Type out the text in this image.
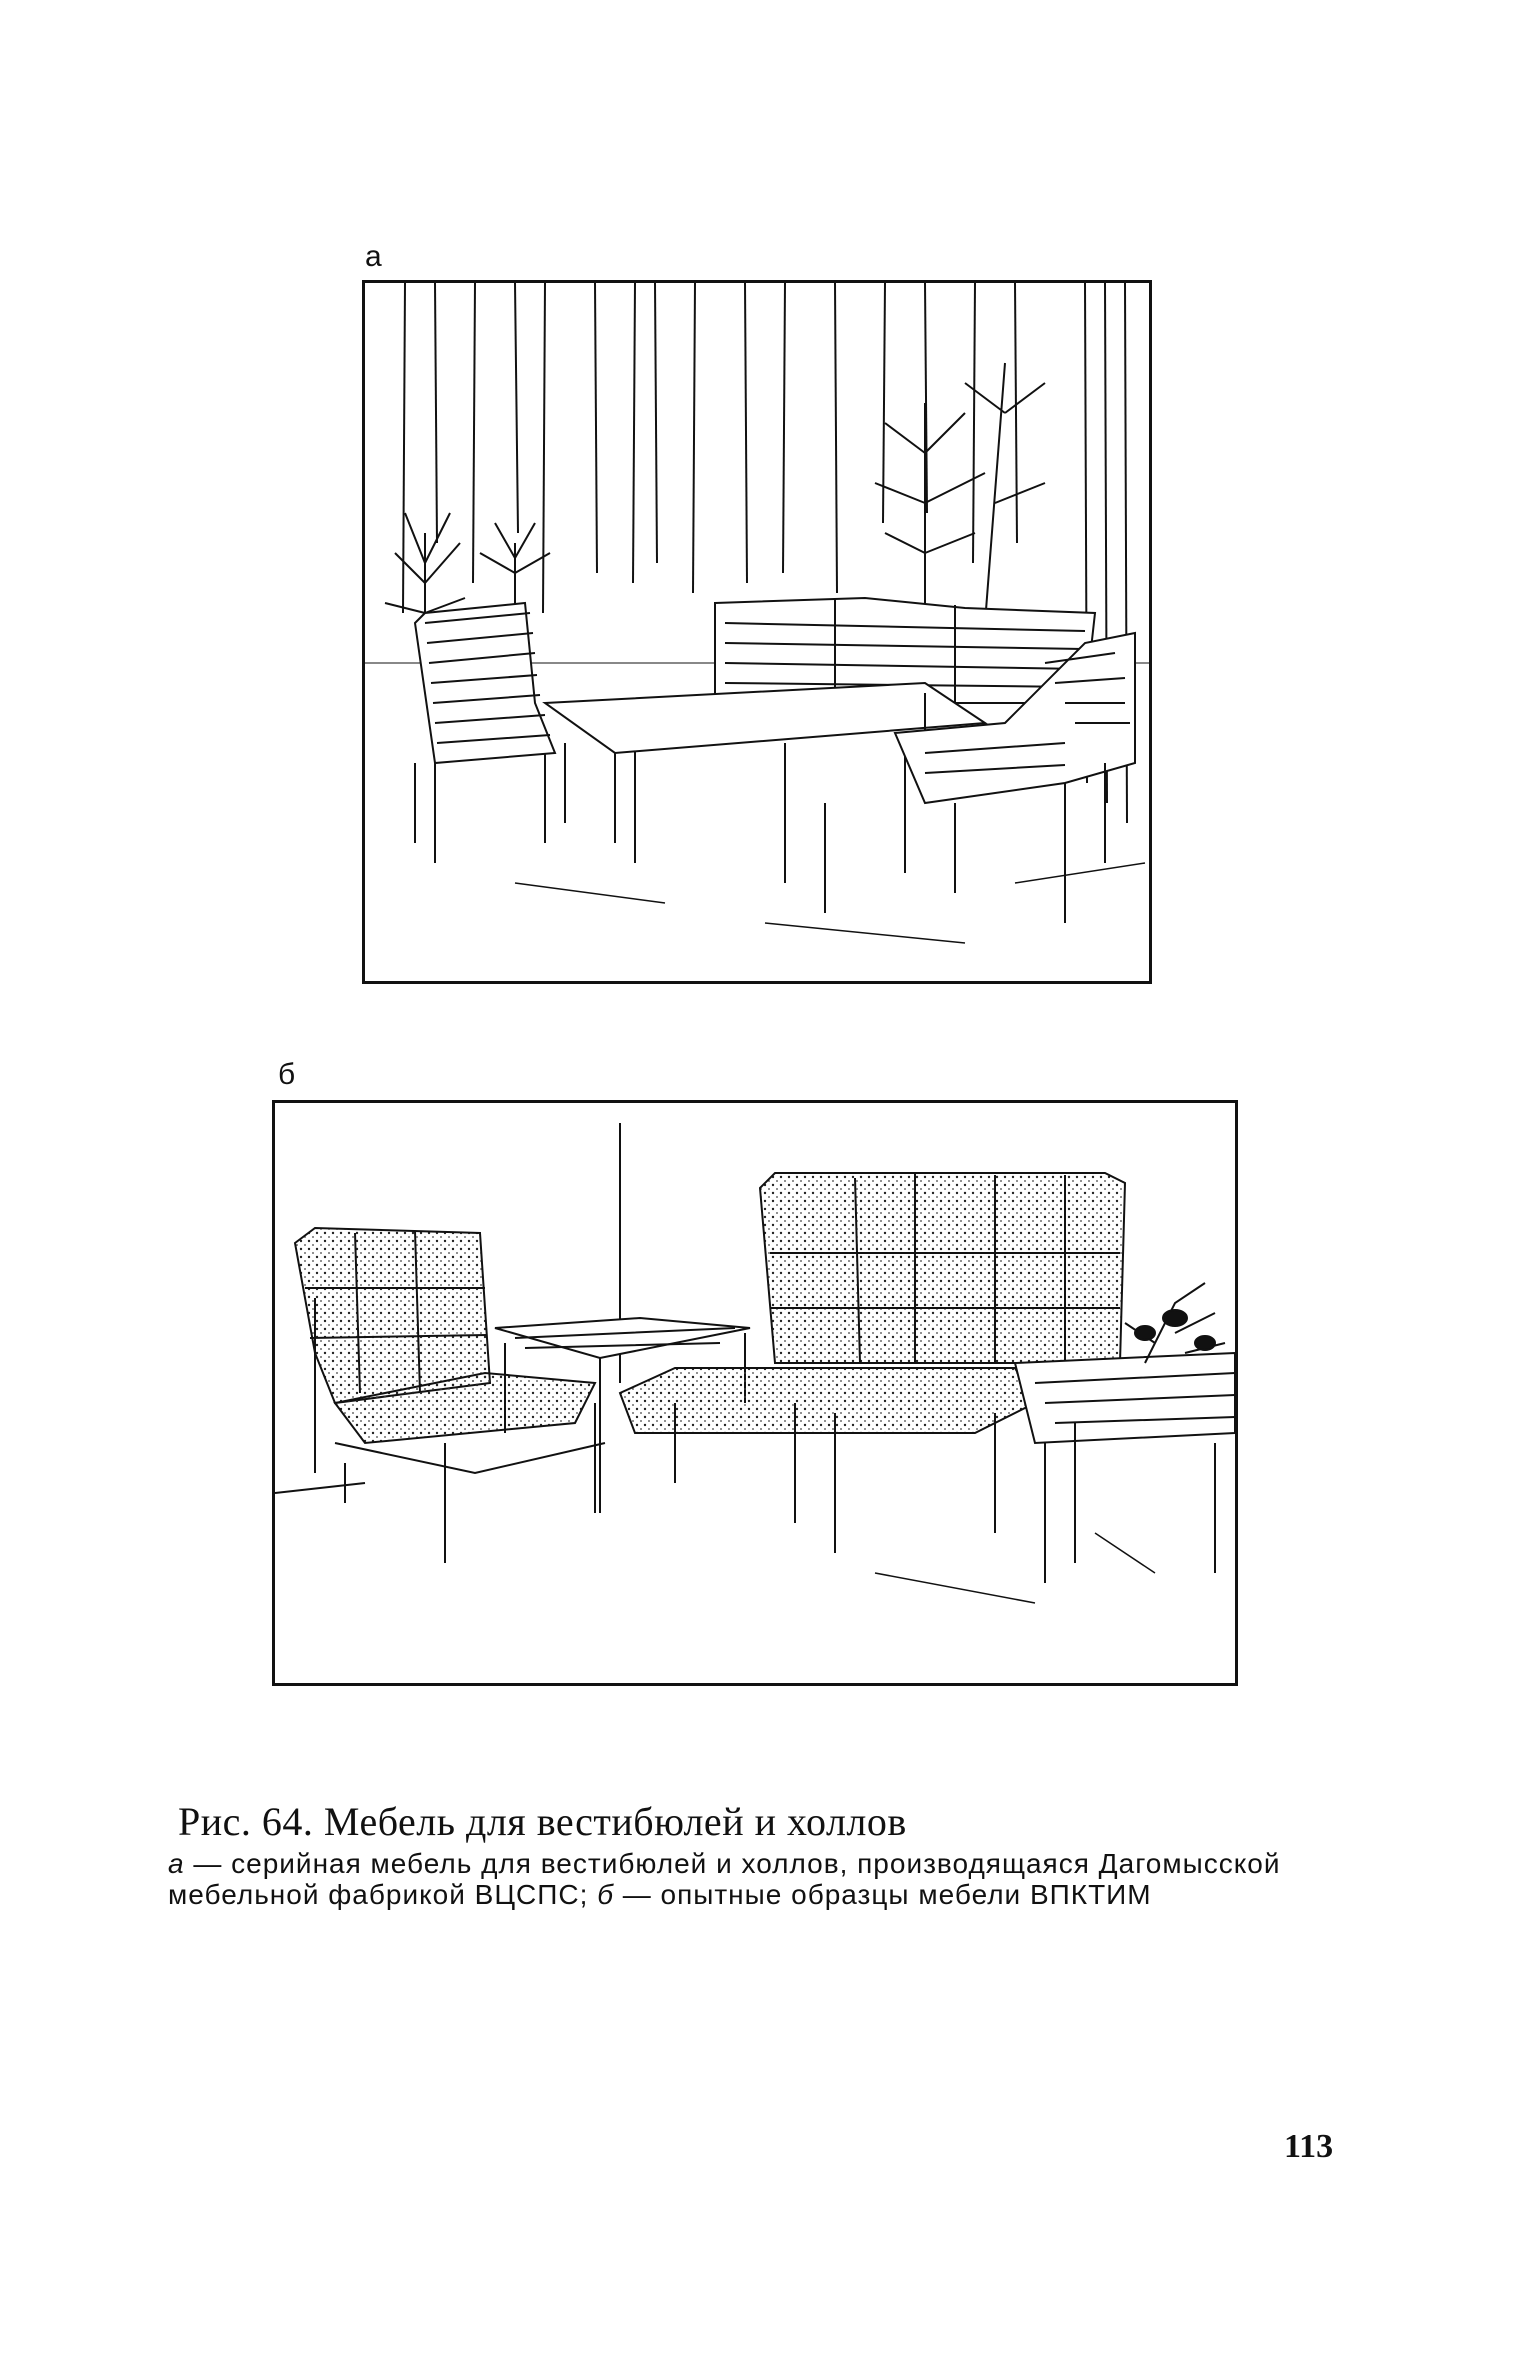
а
б
Рис. 64. Мебель для вестибюлей и холлов
а — серийная мебель для вестибюлей и холлов, производящаяся Дагомысской мебельной фабрикой ВЦСПС; б — опытные образцы мебели ВПКТИМ
113
